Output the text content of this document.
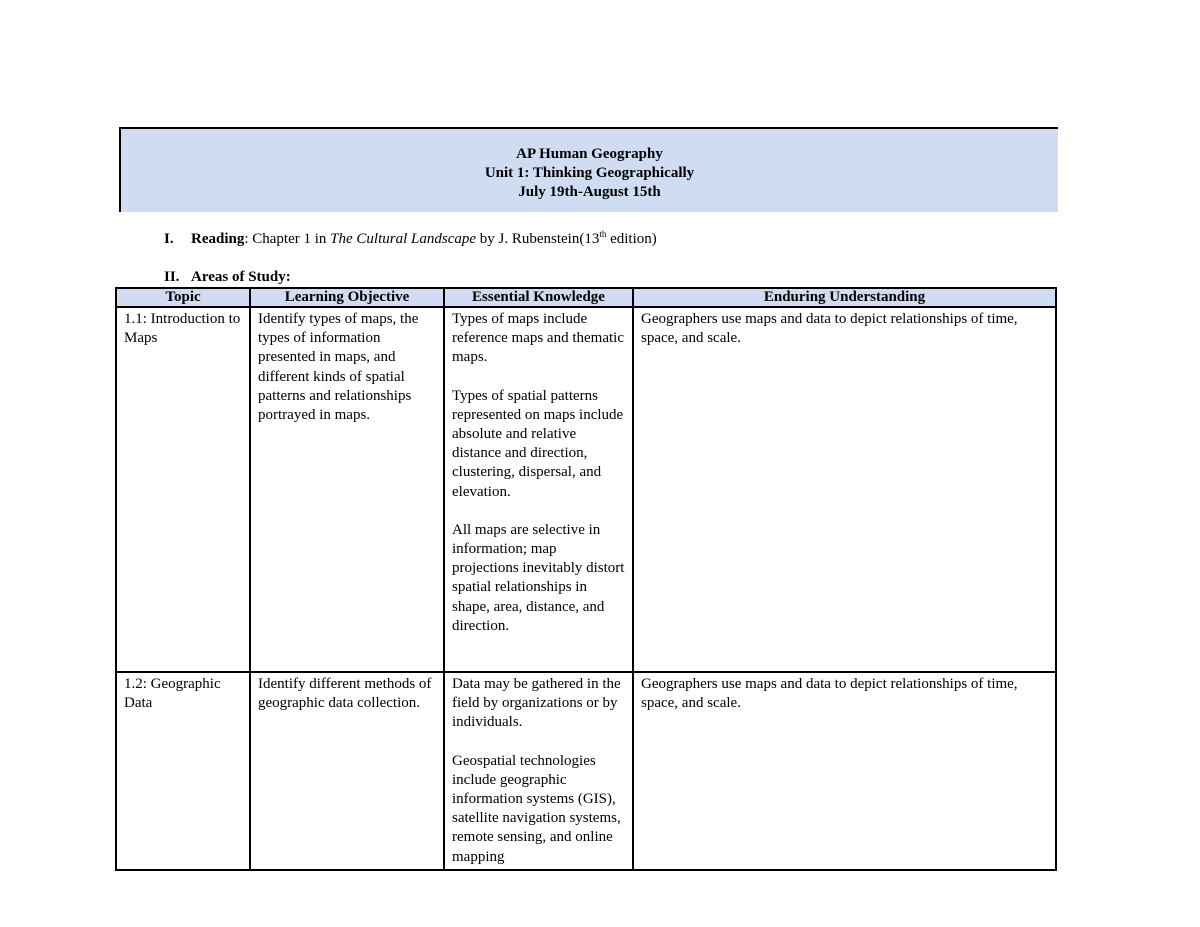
AP Human Geography
Unit 1: Thinking Geographically
July 19th-August 15th
I. Reading: Chapter 1 in The Cultural Landscape by J. Rubenstein(13th edition)
II. Areas of Study:
Topic	Learning Objective	Essential Knowledge	Enduring Understanding
1.1: Introduction to Maps	Identify types of maps, the types of information presented in maps, and different kinds of spatial patterns and relationships portrayed in maps.	Types of maps include reference maps and thematic maps.

Types of spatial patterns represented on maps include absolute and relative distance and direction, clustering, dispersal, and elevation.

All maps are selective in information; map projections inevitably distort spatial relationships in shape, area, distance, and direction.	Geographers use maps and data to depict relationships of time, space, and scale.
1.2: Geographic Data	Identify different methods of geographic data collection.	Data may be gathered in the field by organizations or by individuals.

Geospatial technologies include geographic information systems (GIS), satellite navigation systems, remote sensing, and online mapping	Geographers use maps and data to depict relationships of time, space, and scale.
